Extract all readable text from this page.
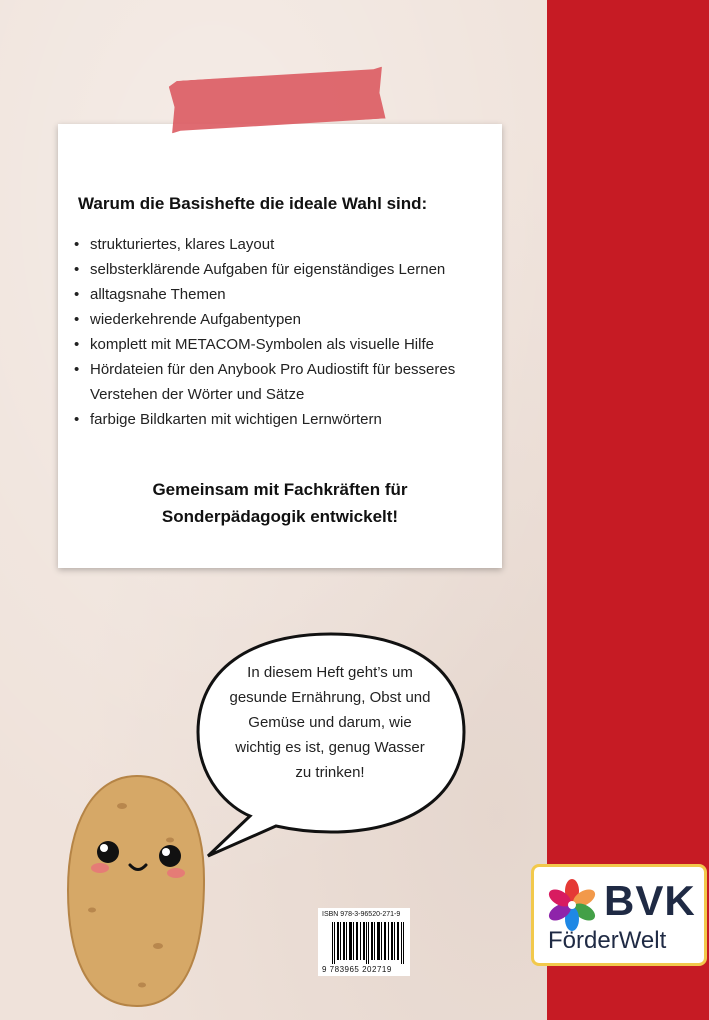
Warum die Basishefte die ideale Wahl sind:
• strukturiertes, klares Layout
• selbsterklärende Aufgaben für eigenständiges Lernen
• alltagsnahe Themen
• wiederkehrende Aufgabentypen
• komplett mit METACOM-Symbolen als visuelle Hilfe
• Hördateien für den Anybook Pro Audiostift für besseres
Verstehen der Wörter und Sätze
• farbige Bildkarten mit wichtigen Lernwörtern
Gemeinsam mit Fachkräften für
Sonderpädagogik entwickelt!
In diesem Heft geht’s um
gesunde Ernährung, Obst und
Gemüse und darum, wie
wichtig es ist, genug Wasser
zu trinken!
ISBN 978-3-96520-271-9
9 783965 202719
BVK
FörderWelt
